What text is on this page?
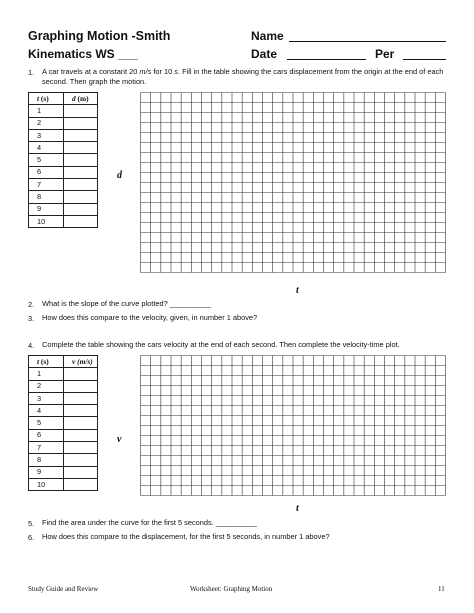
Graphing Motion -Smith
Kinematics WS ___
Name
Date	Per
1. A car travels at a constant 20 m/s for 10 s. Fill in the table showing the cars displacement from the origin at the end of each second. Then graph the motion.
t (s)	d (m)
1	
2	
3	
4	
5	
6	
7	
8	
9	
10	
d
t
2. What is the slope of the curve plotted? __________
3. How does this compare to the velocity, given, in number 1 above?
4. Complete the table showing the cars velocity at the end of each second. Then complete the velocity-time plot.
t (s)	v (m/s)
1	
2	
3	
4	
5	
6	
7	
8	
9	
10	
v
t
5. Find the area under the curve for the first 5 seconds. __________
6. How does this compare to the displacement, for the first 5 seconds, in number 1 above?
Study Guide and Review	Worksheet: Graphing Motion	11
